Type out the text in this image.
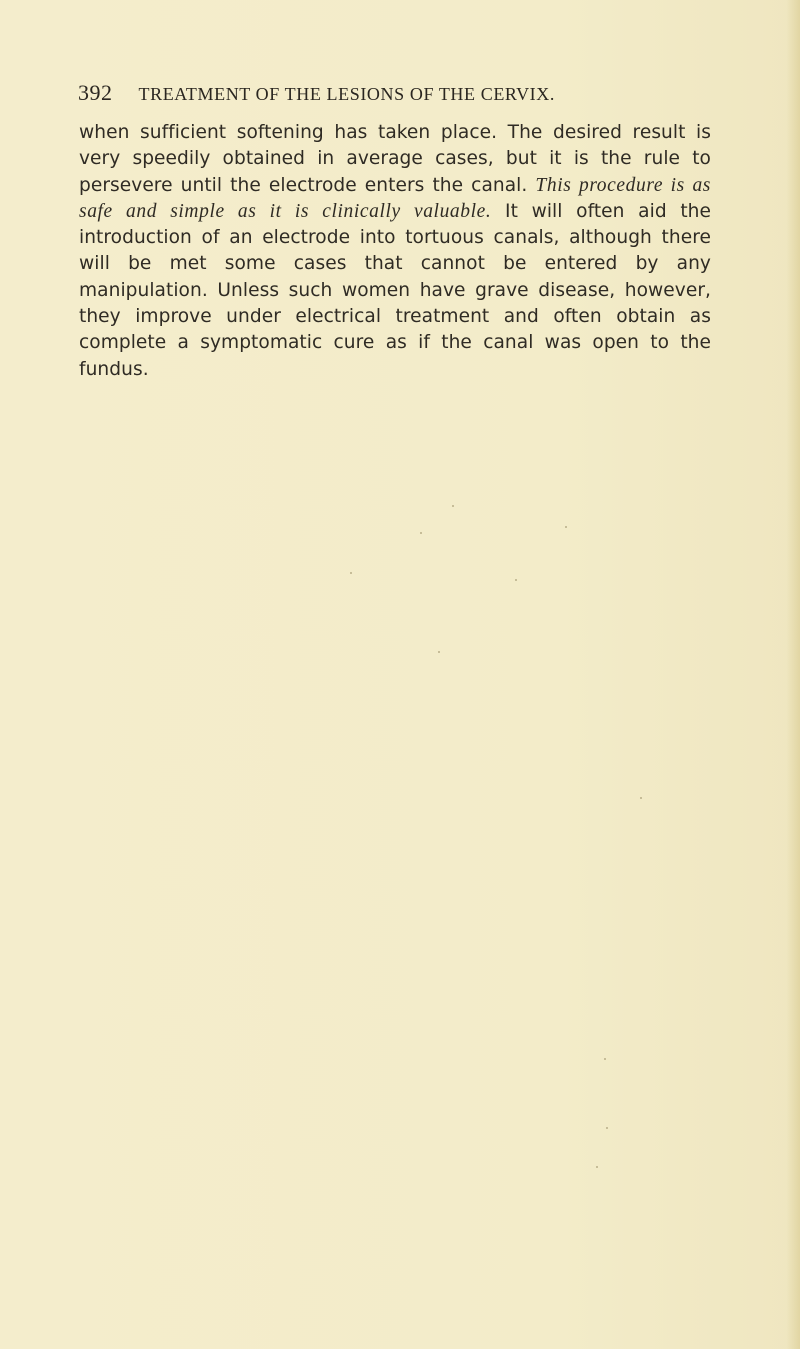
392 TREATMENT OF THE LESIONS OF THE CERVIX.

when sufficient softening has taken place. The desired result is very speedily obtained in average cases, but it is the rule to persevere until the electrode enters the canal. This procedure is as safe and simple as it is clinically valuable. It will often aid the introduction of an electrode into tortuous canals, although there will be met some cases that cannot be entered by any manipulation. Unless such women have grave disease, however, they improve under electrical treatment and often obtain as complete a symptomatic cure as if the canal was open to the fundus.
